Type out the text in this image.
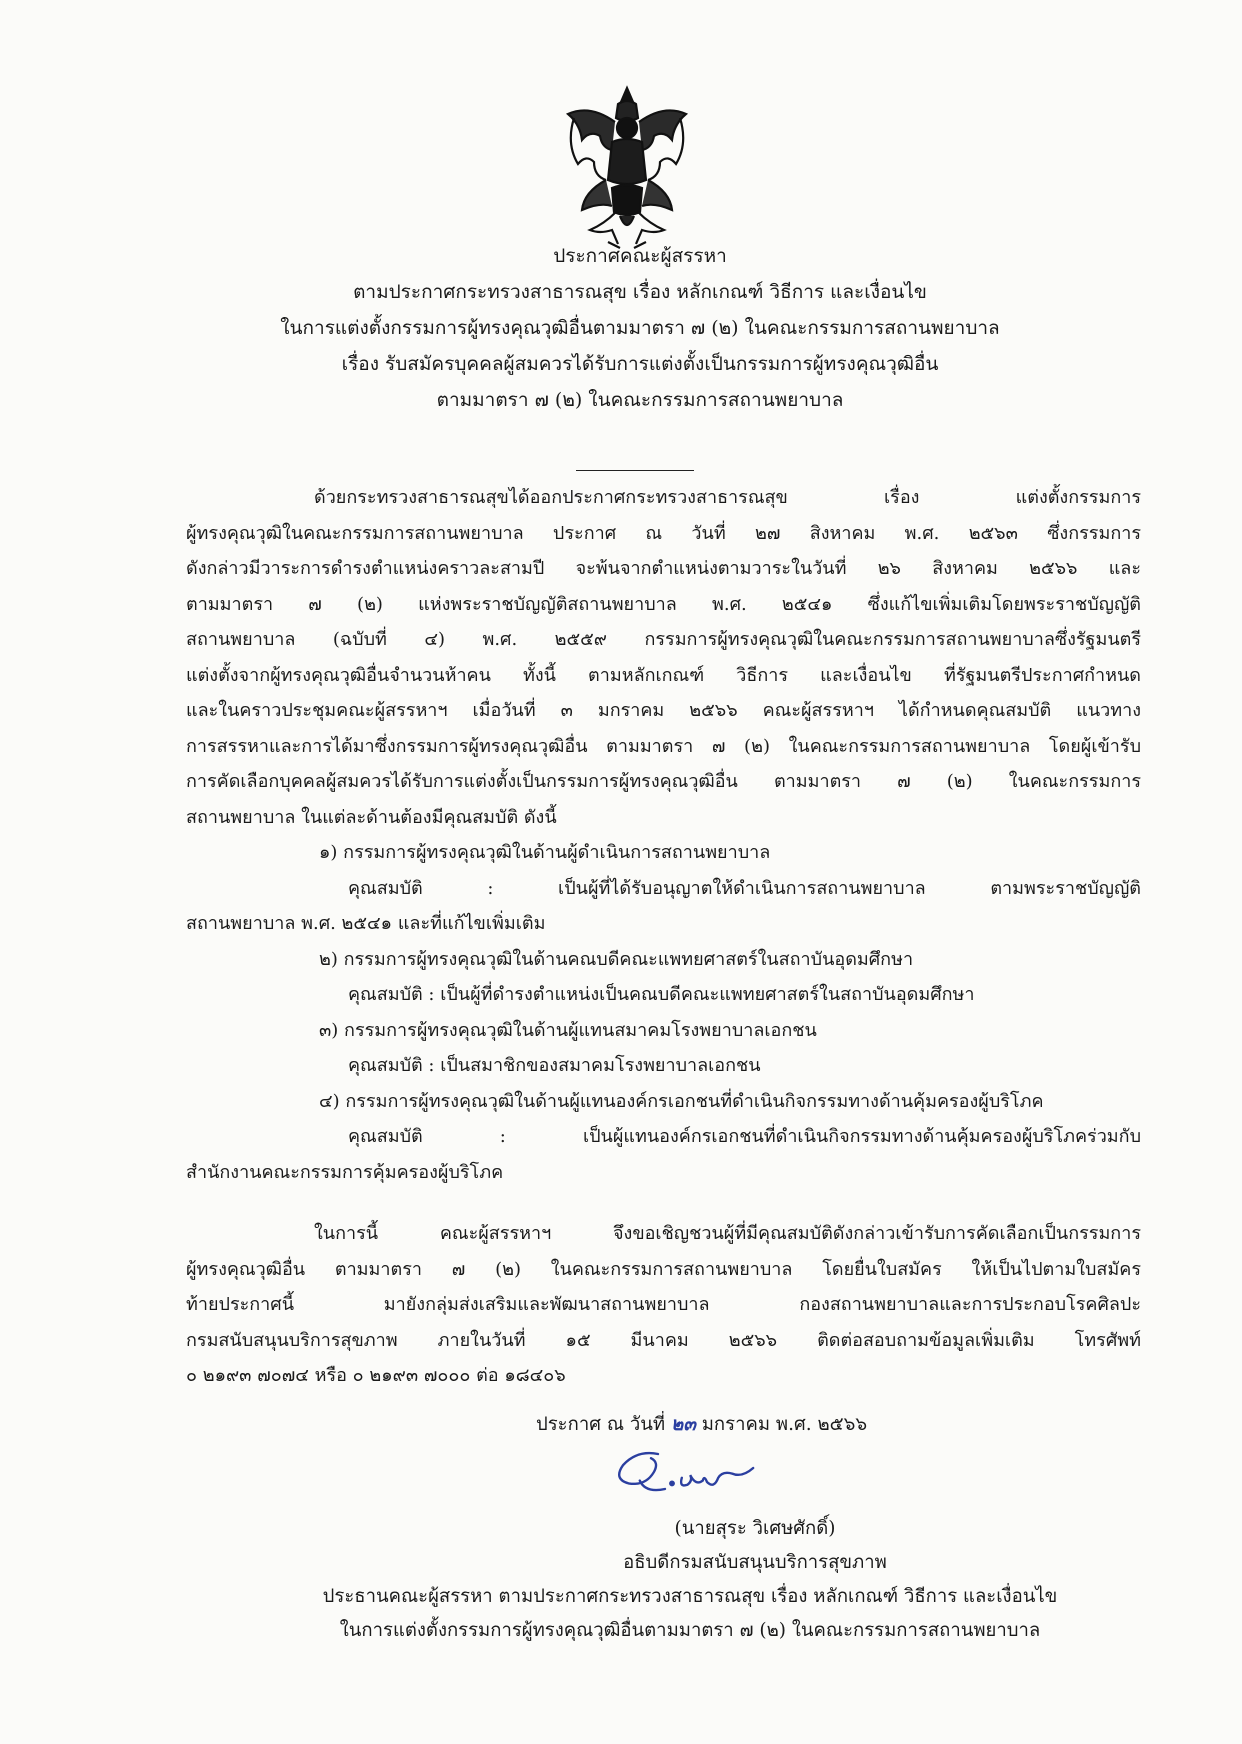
ประกาศคณะผู้สรรหา
ตามประกาศกระทรวงสาธารณสุข เรื่อง หลักเกณฑ์ วิธีการ และเงื่อนไข
ในการแต่งตั้งกรรมการผู้ทรงคุณวุฒิอื่นตามมาตรา ๗ (๒) ในคณะกรรมการสถานพยาบาล
เรื่อง รับสมัครบุคคลผู้สมควรได้รับการแต่งตั้งเป็นกรรมการผู้ทรงคุณวุฒิอื่น
ตามมาตรา ๗ (๒) ในคณะกรรมการสถานพยาบาล
ด้วยกระทรวงสาธารณสุขได้ออกประกาศกระทรวงสาธารณสุข เรื่อง แต่งตั้งกรรมการ
ผู้ทรงคุณวุฒิในคณะกรรมการสถานพยาบาล ประกาศ ณ วันที่ ๒๗ สิงหาคม พ.ศ. ๒๕๖๓ ซึ่งกรรมการ
ดังกล่าวมีวาระการดำรงตำแหน่งคราวละสามปี จะพ้นจากตำแหน่งตามวาระในวันที่ ๒๖ สิงหาคม ๒๕๖๖ และ
ตามมาตรา ๗ (๒) แห่งพระราชบัญญัติสถานพยาบาล พ.ศ. ๒๕๔๑ ซึ่งแก้ไขเพิ่มเติมโดยพระราชบัญญัติ
สถานพยาบาล (ฉบับที่ ๔) พ.ศ. ๒๕๕๙ กรรมการผู้ทรงคุณวุฒิในคณะกรรมการสถานพยาบาลซึ่งรัฐมนตรี
แต่งตั้งจากผู้ทรงคุณวุฒิอื่นจำนวนห้าคน ทั้งนี้ ตามหลักเกณฑ์ วิธีการ และเงื่อนไข ที่รัฐมนตรีประกาศกำหนด
และในคราวประชุมคณะผู้สรรหาฯ เมื่อวันที่ ๓ มกราคม ๒๕๖๖ คณะผู้สรรหาฯ ได้กำหนดคุณสมบัติ แนวทาง
การสรรหาและการได้มาซึ่งกรรมการผู้ทรงคุณวุฒิอื่น ตามมาตรา ๗ (๒) ในคณะกรรมการสถานพยาบาล โดยผู้เข้ารับ
การคัดเลือกบุคคลผู้สมควรได้รับการแต่งตั้งเป็นกรรมการผู้ทรงคุณวุฒิอื่น ตามมาตรา ๗ (๒) ในคณะกรรมการ
สถานพยาบาล ในแต่ละด้านต้องมีคุณสมบัติ ดังนี้
๑) กรรมการผู้ทรงคุณวุฒิในด้านผู้ดำเนินการสถานพยาบาล
คุณสมบัติ : เป็นผู้ที่ได้รับอนุญาตให้ดำเนินการสถานพยาบาล ตามพระราชบัญญัติ
สถานพยาบาล พ.ศ. ๒๕๔๑ และที่แก้ไขเพิ่มเติม
๒) กรรมการผู้ทรงคุณวุฒิในด้านคณบดีคณะแพทยศาสตร์ในสถาบันอุดมศึกษา
คุณสมบัติ : เป็นผู้ที่ดำรงตำแหน่งเป็นคณบดีคณะแพทยศาสตร์ในสถาบันอุดมศึกษา
๓) กรรมการผู้ทรงคุณวุฒิในด้านผู้แทนสมาคมโรงพยาบาลเอกชน
คุณสมบัติ : เป็นสมาชิกของสมาคมโรงพยาบาลเอกชน
๔) กรรมการผู้ทรงคุณวุฒิในด้านผู้แทนองค์กรเอกชนที่ดำเนินกิจกรรมทางด้านคุ้มครองผู้บริโภค
คุณสมบัติ : เป็นผู้แทนองค์กรเอกชนที่ดำเนินกิจกรรมทางด้านคุ้มครองผู้บริโภคร่วมกับ
สำนักงานคณะกรรมการคุ้มครองผู้บริโภค
ในการนี้ คณะผู้สรรหาฯ จึงขอเชิญชวนผู้ที่มีคุณสมบัติดังกล่าวเข้ารับการคัดเลือกเป็นกรรมการ
ผู้ทรงคุณวุฒิอื่น ตามมาตรา ๗ (๒) ในคณะกรรมการสถานพยาบาล โดยยื่นใบสมัคร ให้เป็นไปตามใบสมัคร
ท้ายประกาศนี้ มายังกลุ่มส่งเสริมและพัฒนาสถานพยาบาล กองสถานพยาบาลและการประกอบโรคศิลปะ
กรมสนับสนุนบริการสุขภาพ ภายในวันที่ ๑๕ มีนาคม ๒๕๖๖ ติดต่อสอบถามข้อมูลเพิ่มเติม โทรศัพท์
๐ ๒๑๙๓ ๗๐๗๔ หรือ ๐ ๒๑๙๓ ๗๐๐๐ ต่อ ๑๘๔๐๖
ประกาศ ณ วันที่ ๒๓ มกราคม พ.ศ. ๒๕๖๖
(นายสุระ วิเศษศักดิ์)
อธิบดีกรมสนับสนุนบริการสุขภาพ
ประธานคณะผู้สรรหา ตามประกาศกระทรวงสาธารณสุข เรื่อง หลักเกณฑ์ วิธีการ และเงื่อนไข
ในการแต่งตั้งกรรมการผู้ทรงคุณวุฒิอื่นตามมาตรา ๗ (๒) ในคณะกรรมการสถานพยาบาล
